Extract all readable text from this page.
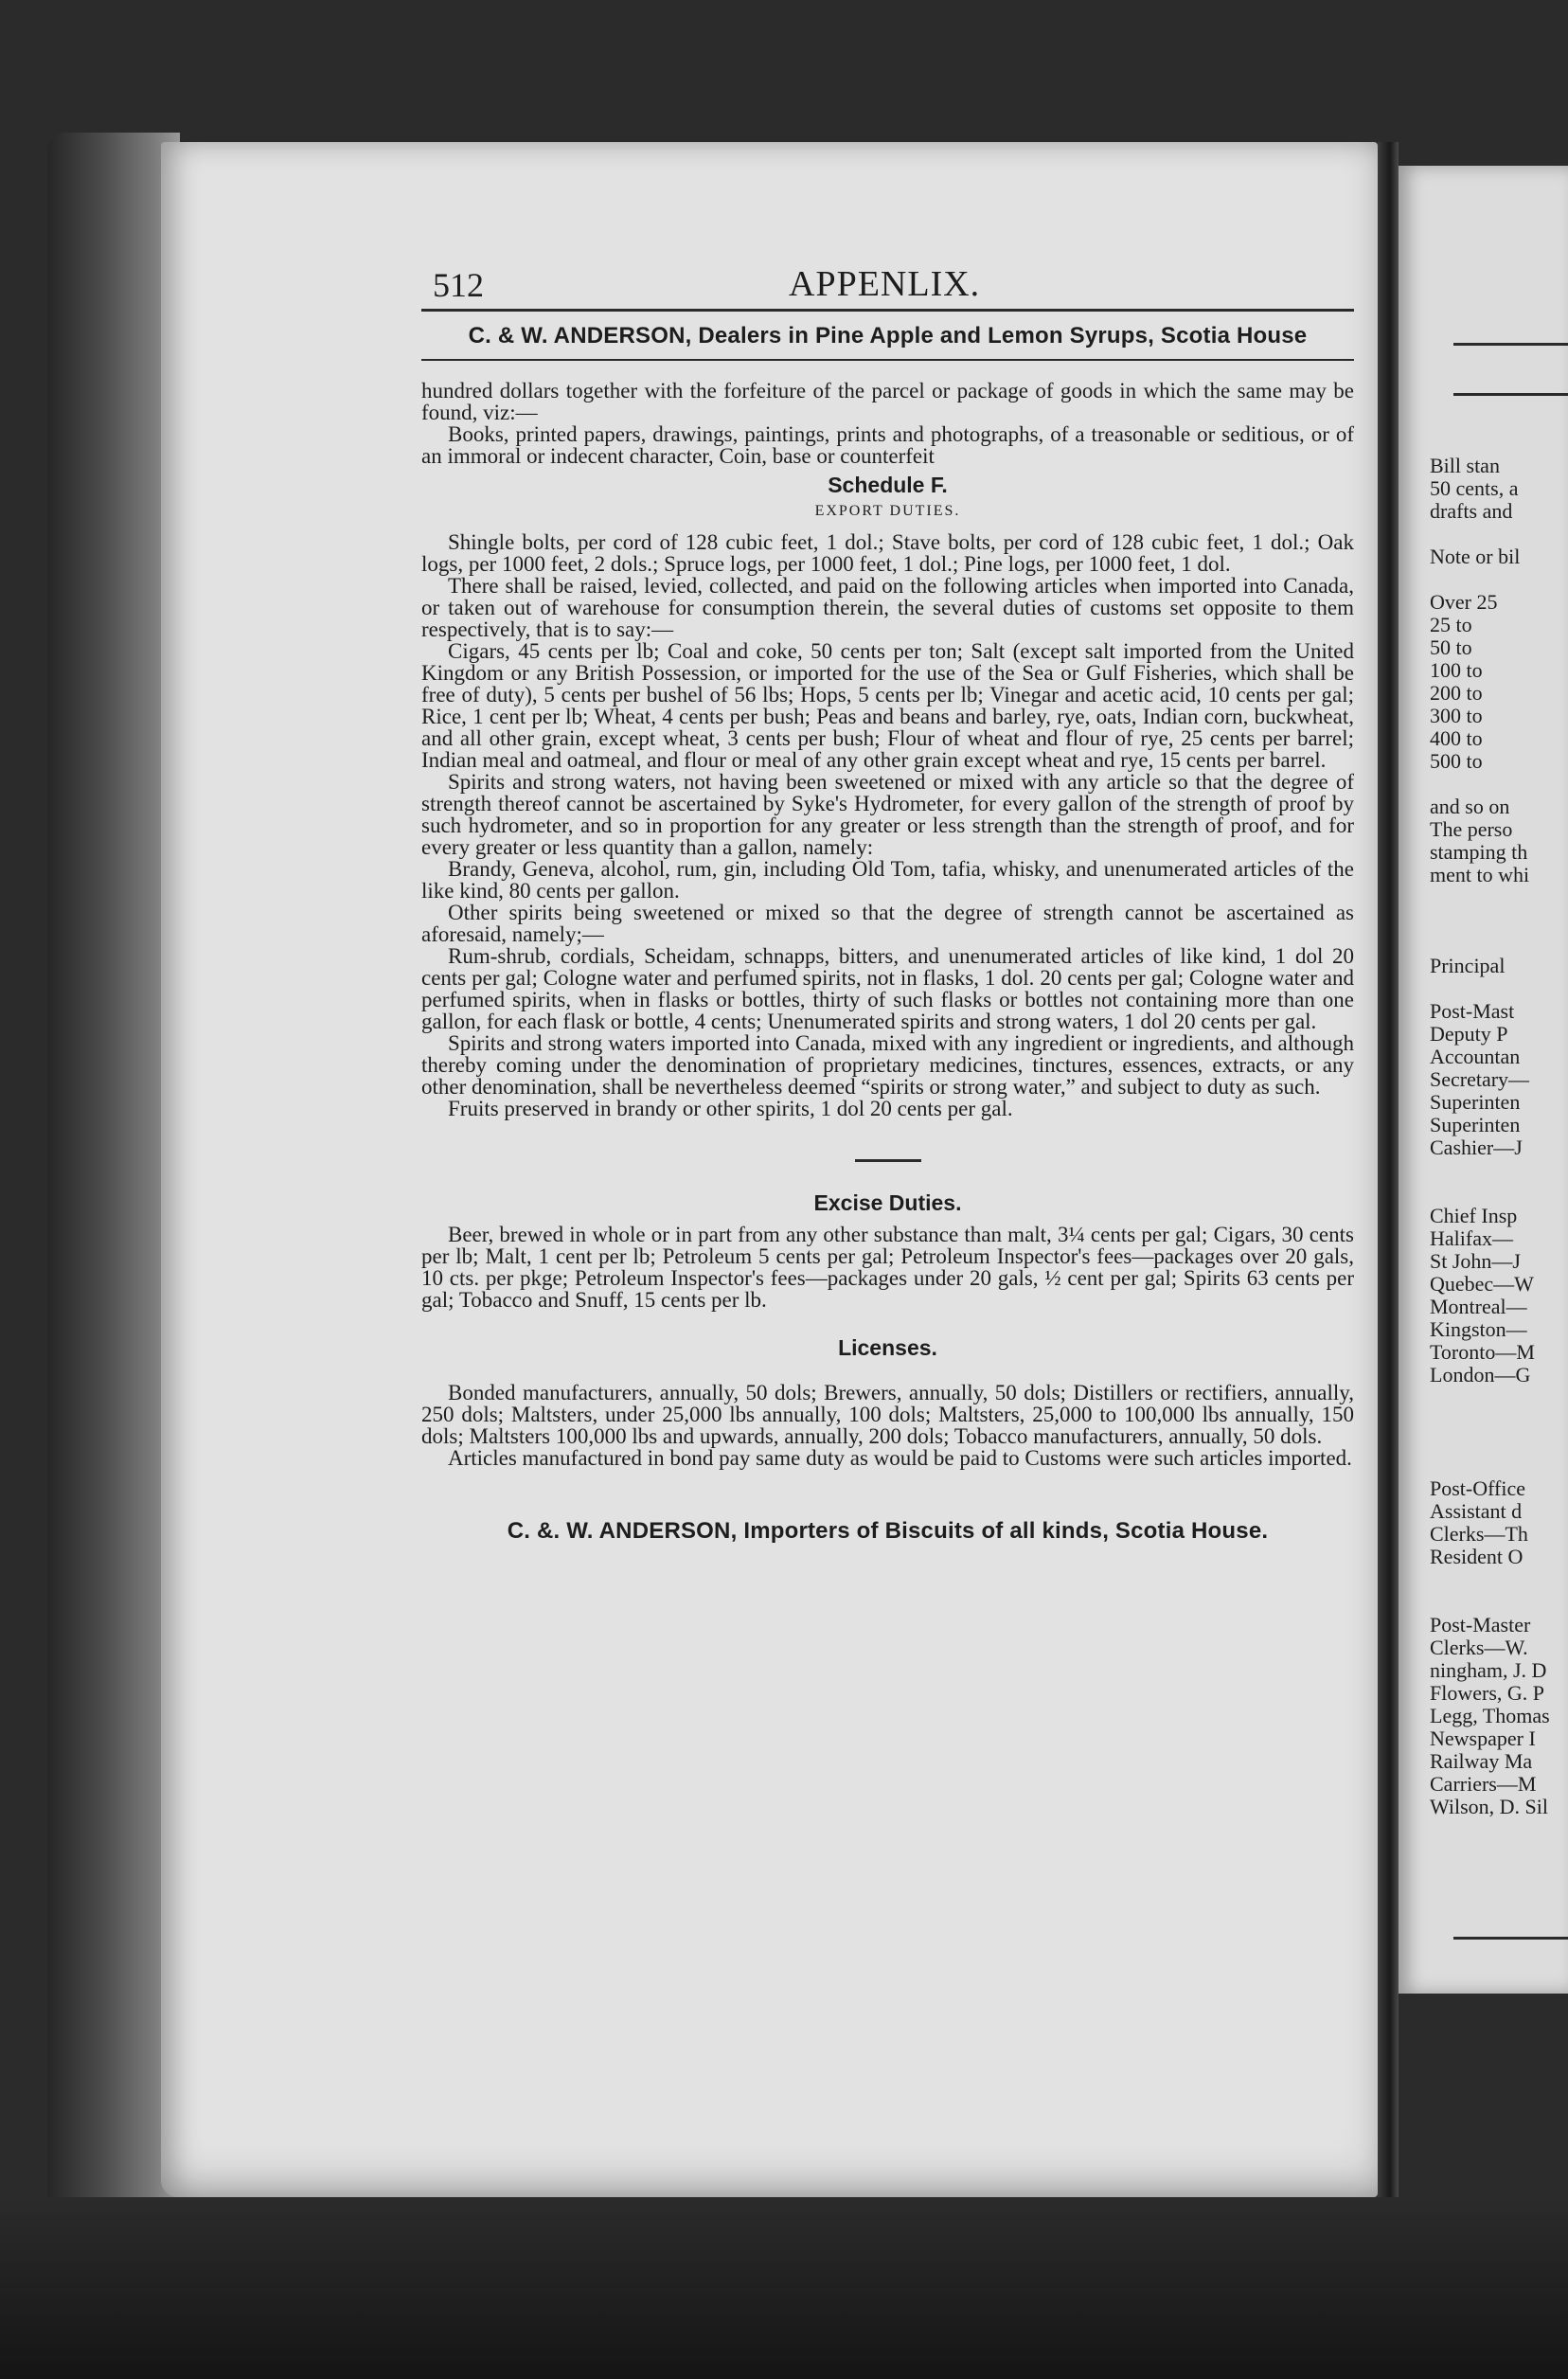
512	APPENLIX.
C. & W. ANDERSON, Dealers in Pine Apple and Lemon Syrups, Scotia House

hundred dollars together with the forfeiture of the parcel or package of goods in which the same may be found, viz:—

Books, printed papers, drawings, paintings, prints and photographs, of a treasonable or seditious, or of an immoral or indecent character, Coin, base or counterfeit

Schedule F.
EXPORT DUTIES.

Shingle bolts, per cord of 128 cubic feet, 1 dol.; Stave bolts, per cord of 128 cubic feet, 1 dol.; Oak logs, per 1000 feet, 2 dols.; Spruce logs, per 1000 feet, 1 dol.; Pine logs, per 1000 feet, 1 dol.

There shall be raised, levied, collected, and paid on the following articles when imported into Canada, or taken out of warehouse for consumption therein, the several duties of customs set opposite to them respectively, that is to say:—

Cigars, 45 cents per lb; Coal and coke, 50 cents per ton; Salt (except salt imported from the United Kingdom or any British Possession, or imported for the use of the Sea or Gulf Fisheries, which shall be free of duty), 5 cents per bushel of 56 lbs; Hops, 5 cents per lb; Vinegar and acetic acid, 10 cents per gal; Rice, 1 cent per lb; Wheat, 4 cents per bush; Peas and beans and barley, rye, oats, Indian corn, buckwheat, and all other grain, except wheat, 3 cents per bush; Flour of wheat and flour of rye, 25 cents per barrel; Indian meal and oatmeal, and flour or meal of any other grain except wheat and rye, 15 cents per barrel.

Spirits and strong waters, not having been sweetened or mixed with any article so that the degree of strength thereof cannot be ascertained by Syke's Hydrometer, for every gallon of the strength of proof by such hydrometer, and so in proportion for any greater or less strength than the strength of proof, and for every greater or less quantity than a gallon, namely:

Brandy, Geneva, alcohol, rum, gin, including Old Tom, tafia, whisky, and unenumerated articles of the like kind, 80 cents per gallon.

Other spirits being sweetened or mixed so that the degree of strength cannot be ascertained as aforesaid, namely;—

Rum-shrub, cordials, Scheidam, schnapps, bitters, and unenumerated articles of like kind, 1 dol 20 cents per gal; Cologne water and perfumed spirits, not in flasks, 1 dol. 20 cents per gal; Cologne water and perfumed spirits, when in flasks or bottles, thirty of such flasks or bottles not containing more than one gallon, for each flask or bottle, 4 cents; Unenumerated spirits and strong waters, 1 dol 20 cents per gal.

Spirits and strong waters imported into Canada, mixed with any ingredient or ingredients, and although thereby coming under the denomination of proprietary medicines, tinctures, essences, extracts, or any other denomination, shall be nevertheless deemed “spirits or strong water,” and subject to duty as such.

Fruits preserved in brandy or other spirits, 1 dol 20 cents per gal.

Excise Duties.

Beer, brewed in whole or in part from any other substance than malt, 3¼ cents per gal; Cigars, 30 cents per lb; Malt, 1 cent per lb; Petroleum 5 cents per gal; Petroleum Inspector's fees—packages over 20 gals, 10 cts. per pkge; Petroleum Inspector's fees—packages under 20 gals, ½ cent per gal; Spirits 63 cents per gal; Tobacco and Snuff, 15 cents per lb.

Licenses.

Bonded manufacturers, annually, 50 dols; Brewers, annually, 50 dols; Distillers or rectifiers, annually, 250 dols; Maltsters, under 25,000 lbs annually, 100 dols; Maltsters, 25,000 to 100,000 lbs annually, 150 dols; Maltsters 100,000 lbs and upwards, annually, 200 dols; Tobacco manufacturers, annually, 50 dols.

Articles manufactured in bond pay same duty as would be paid to Customs were such articles imported.

C. &. W. ANDERSON, Importers of Biscuits of all kinds, Scotia House.
Bill stan
50 cents, a
drafts and

Note or bil

Over 25
25 to
50 to
100 to
200 to
300 to
400 to
500 to

and so on
The perso
stamping th
ment to whi

Principal

Post-Mast
Deputy P
Accountan
Secretary—
Superinten
Superinten
Cashier—J

Chief Insp
Halifax—
St John—J
Quebec—W
Montreal—
Kingston—
Toronto—M
London—G

Post-Office
Assistant d
Clerks—Th
Resident O

Post-Master
Clerks—W.
ningham, J. D
Flowers, G. P
Legg, Thomas
Newspaper I
Railway Ma
Carriers—M
Wilson, D. Sil
